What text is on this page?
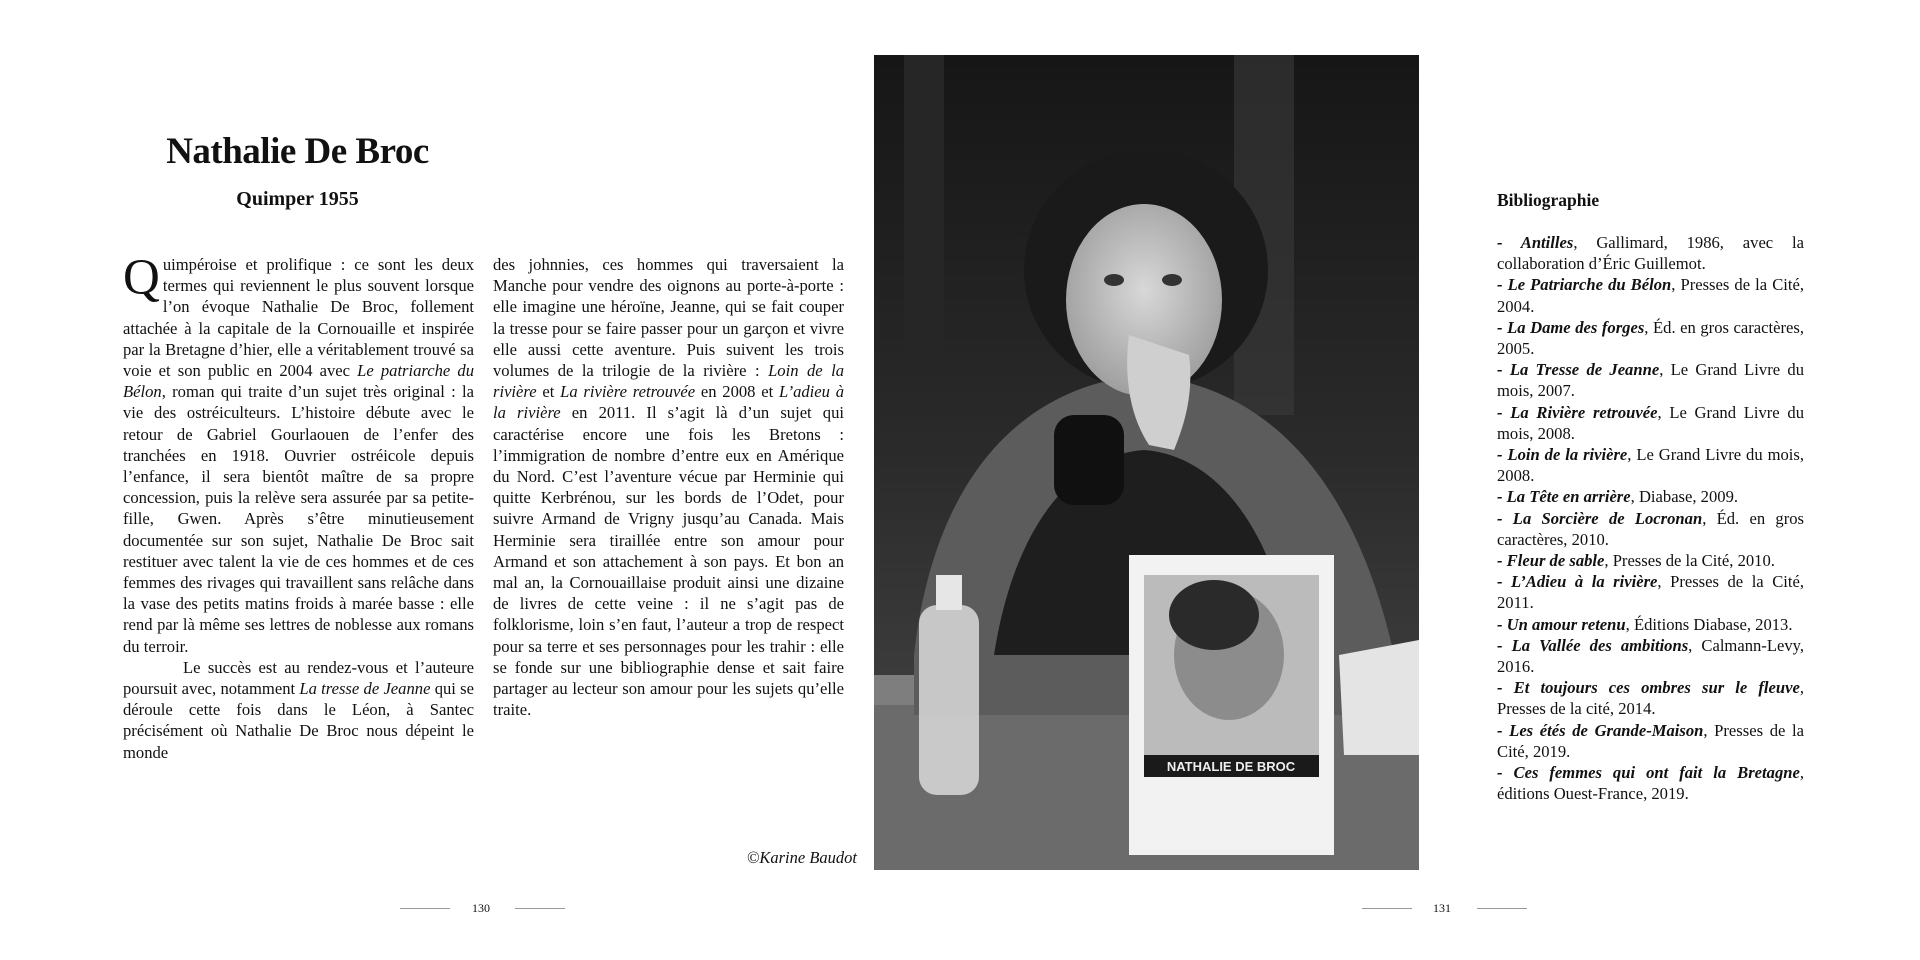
Nathalie De Broc
Quimper 1955

Quimpéroise et prolifique : ce sont les deux termes qui reviennent le plus souvent lorsque l’on évoque Nathalie De Broc, follement attachée à la capitale de la Cornouaille et inspirée par la Bretagne d’hier, elle a véritablement trouvé sa voie et son public en 2004 avec Le patriarche du Bélon, roman qui traite d’un sujet très original : la vie des ostréiculteurs. L’histoire débute avec le retour de Gabriel Gourlaouen de l’enfer des tranchées en 1918. Ouvrier ostréicole depuis l’enfance, il sera bientôt maître de sa propre concession, puis la relève sera assurée par sa petite-fille, Gwen. Après s’être minutieusement documentée sur son sujet, Nathalie De Broc sait restituer avec talent la vie de ces hommes et de ces femmes des rivages qui travaillent sans relâche dans la vase des petits matins froids à marée basse : elle rend par là même ses lettres de noblesse aux romans du terroir.

Le succès est au rendez-vous et l’auteure poursuit avec, notamment La tresse de Jeanne qui se déroule cette fois dans le Léon, à Santec précisément où Nathalie De Broc nous dépeint le monde

des johnnies, ces hommes qui traversaient la Manche pour vendre des oignons au porte-à-porte : elle imagine une héroïne, Jeanne, qui se fait couper la tresse pour se faire passer pour un garçon et vivre elle aussi cette aventure. Puis suivent les trois volumes de la trilogie de la rivière : Loin de la rivière et La rivière retrouvée en 2008 et L’adieu à la rivière en 2011. Il s’agit là d’un sujet qui caractérise encore une fois les Bretons : l’immigration de nombre d’entre eux en Amérique du Nord. C’est l’aventure vécue par Herminie qui quitte Kerbrénou, sur les bords de l’Odet, pour suivre Armand de Vrigny jusqu’au Canada. Mais Herminie sera tiraillée entre son amour pour Armand et son attachement à son pays. Et bon an mal an, la Cornouaillaise produit ainsi une dizaine de livres de cette veine : il ne s’agit pas de folklorisme, loin s’en faut, l’auteur a trop de respect pour sa terre et ses personnages pour les trahir : elle se fonde sur une bibliographie dense et sait faire partager au lecteur son amour pour les sujets qu’elle traite.

©Karine Baudot
NATHALIE DE BROC
Bibliographie

- Antilles, Gallimard, 1986, avec la collaboration d’Éric Guillemot.

- Le Patriarche du Bélon, Presses de la Cité, 2004.

- La Dame des forges, Éd. en gros caractères, 2005.

- La Tresse de Jeanne, Le Grand Livre du mois, 2007.

- La Rivière retrouvée, Le Grand Livre du mois, 2008.

- Loin de la rivière, Le Grand Livre du mois, 2008.

- La Tête en arrière, Diabase, 2009.

- La Sorcière de Locronan, Éd. en gros caractères, 2010.

- Fleur de sable, Presses de la Cité, 2010.

- L’Adieu à la rivière, Presses de la Cité, 2011.

- Un amour retenu, Éditions Diabase, 2013.

- La Vallée des ambitions, Calmann-Levy, 2016.

- Et toujours ces ombres sur le fleuve, Presses de la cité, 2014.

- Les étés de Grande-Maison, Presses de la Cité, 2019.

- Ces femmes qui ont fait la Bretagne, éditions Ouest-France, 2019.

130	131
